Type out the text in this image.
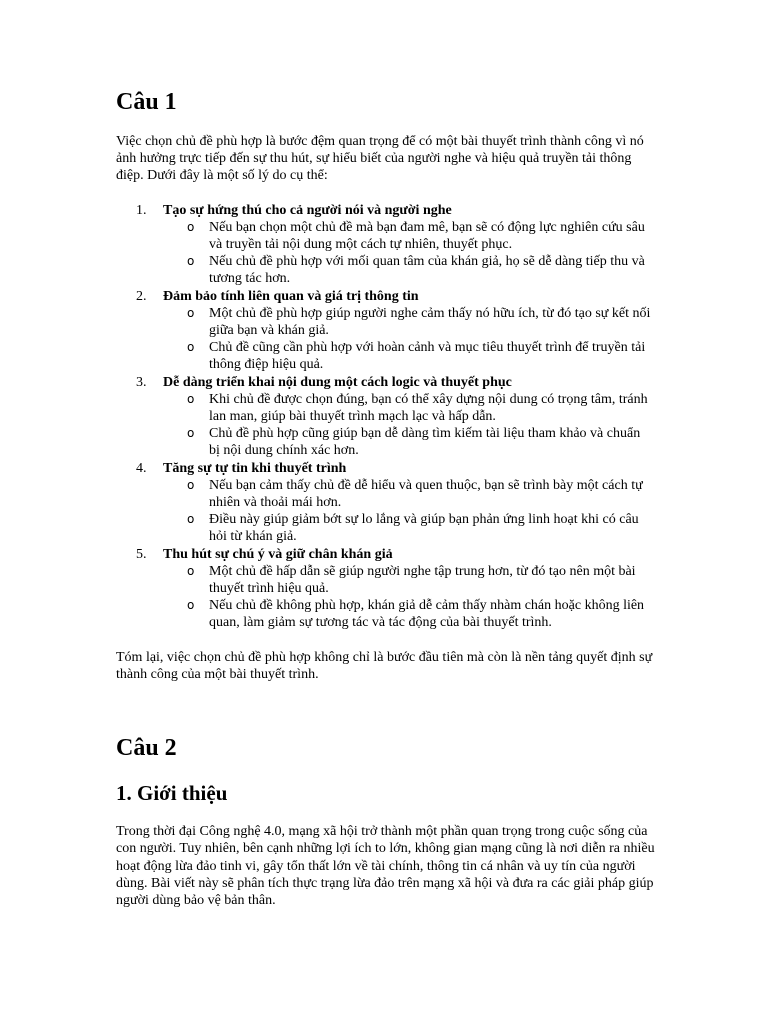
Câu 1

Việc chọn chủ đề phù hợp là bước đệm quan trọng để có một bài thuyết trình thành công vì nó ảnh hưởng trực tiếp đến sự thu hút, sự hiểu biết của người nghe và hiệu quả truyền tải thông điệp. Dưới đây là một số lý do cụ thể:

1. Tạo sự hứng thú cho cả người nói và người nghe
o Nếu bạn chọn một chủ đề mà bạn đam mê, bạn sẽ có động lực nghiên cứu sâu và truyền tải nội dung một cách tự nhiên, thuyết phục.
o Nếu chủ đề phù hợp với mối quan tâm của khán giả, họ sẽ dễ dàng tiếp thu và tương tác hơn.
2. Đảm bảo tính liên quan và giá trị thông tin
o Một chủ đề phù hợp giúp người nghe cảm thấy nó hữu ích, từ đó tạo sự kết nối giữa bạn và khán giả.
o Chủ đề cũng cần phù hợp với hoàn cảnh và mục tiêu thuyết trình để truyền tải thông điệp hiệu quả.
3. Dễ dàng triển khai nội dung một cách logic và thuyết phục
o Khi chủ đề được chọn đúng, bạn có thể xây dựng nội dung có trọng tâm, tránh lan man, giúp bài thuyết trình mạch lạc và hấp dẫn.
o Chủ đề phù hợp cũng giúp bạn dễ dàng tìm kiếm tài liệu tham khảo và chuẩn bị nội dung chính xác hơn.
4. Tăng sự tự tin khi thuyết trình
o Nếu bạn cảm thấy chủ đề dễ hiểu và quen thuộc, bạn sẽ trình bày một cách tự nhiên và thoải mái hơn.
o Điều này giúp giảm bớt sự lo lắng và giúp bạn phản ứng linh hoạt khi có câu hỏi từ khán giả.
5. Thu hút sự chú ý và giữ chân khán giả
o Một chủ đề hấp dẫn sẽ giúp người nghe tập trung hơn, từ đó tạo nên một bài thuyết trình hiệu quả.
o Nếu chủ đề không phù hợp, khán giả dễ cảm thấy nhàm chán hoặc không liên quan, làm giảm sự tương tác và tác động của bài thuyết trình.

Tóm lại, việc chọn chủ đề phù hợp không chỉ là bước đầu tiên mà còn là nền tảng quyết định sự thành công của một bài thuyết trình.

Câu 2
1. Giới thiệu

Trong thời đại Công nghệ 4.0, mạng xã hội trở thành một phần quan trọng trong cuộc sống của con người. Tuy nhiên, bên cạnh những lợi ích to lớn, không gian mạng cũng là nơi diễn ra nhiều hoạt động lừa đảo tinh vi, gây tổn thất lớn về tài chính, thông tin cá nhân và uy tín của người dùng. Bài viết này sẽ phân tích thực trạng lừa đảo trên mạng xã hội và đưa ra các giải pháp giúp người dùng bảo vệ bản thân.
